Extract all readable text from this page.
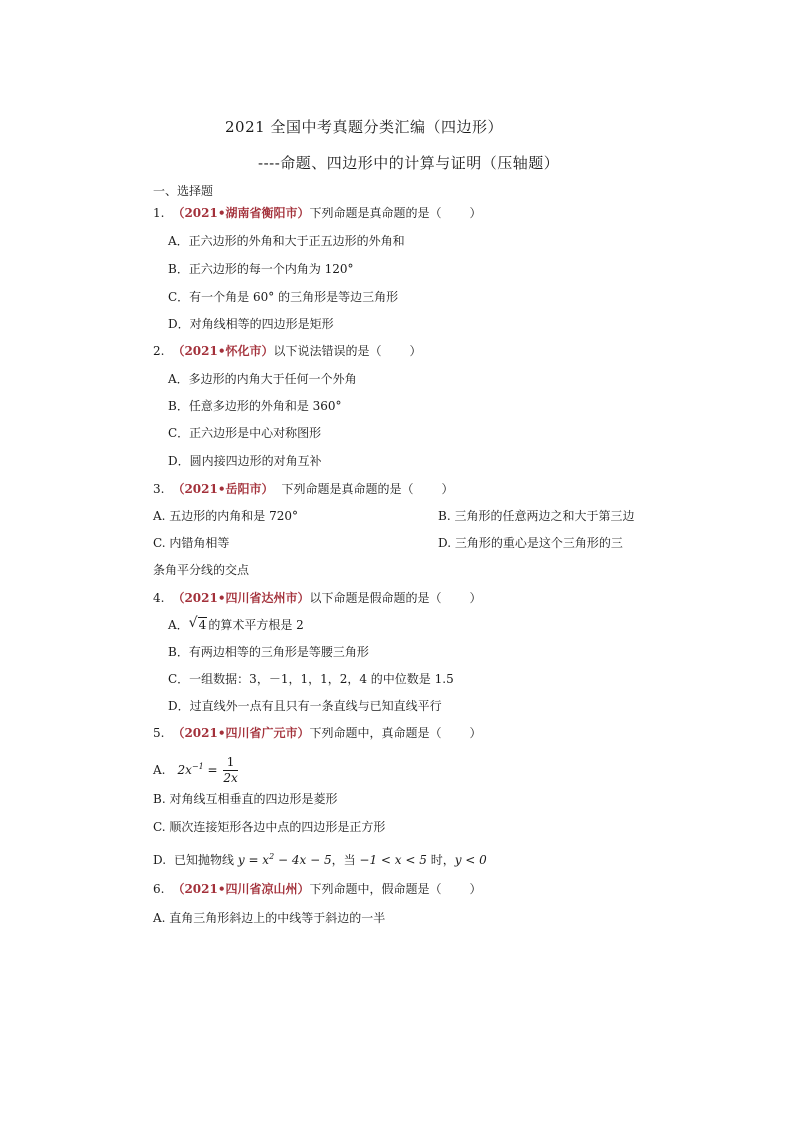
2021 全国中考真题分类汇编（四边形）
----命题、四边形中的计算与证明（压轴题）
一、选择题
1. （2021•湖南省衡阳市）下列命题是真命题的是（ ）
A．正六边形的外角和大于正五边形的外角和
B．正六边形的每一个内角为 120°
C．有一个角是 60° 的三角形是等边三角形
D．对角线相等的四边形是矩形
2. （2021•怀化市）以下说法错误的是（ ）
A．多边形的内角大于任何一个外角
B．任意多边形的外角和是 360°
C．正六边形是中心对称图形
D．圆内接四边形的对角互补
3. （2021•岳阳市） 下列命题是真命题的是（ ）
A. 五边形的内角和是 720°	B. 三角形的任意两边之和大于第三边
C. 内错角相等	D. 三角形的重心是这个三角形的三
条角平分线的交点
4. （2021•四川省达州市）以下命题是假命题的是（ ）
A．√ 4 的算术平方根是 2
B．有两边相等的三角形是等腰三角形
C．一组数据：3，－1，1，1，2，4 的中位数是 1.5
D．过直线外一点有且只有一条直线与已知直线平行
5. （2021•四川省广元市）下列命题中，真命题是（ ）
A. $2x^{-1} = \frac{1}{2x}$
B. 对角线互相垂直的四边形是菱形
C. 顺次连接矩形各边中点的四边形是正方形
D. 已知抛物线 $y = x^2 - 4x - 5$，当 −1 < x < 5 时，y < 0
6. （2021•四川省凉山州）下列命题中，假命题是（ ）
A. 直角三角形斜边上的中线等于斜边的一半
